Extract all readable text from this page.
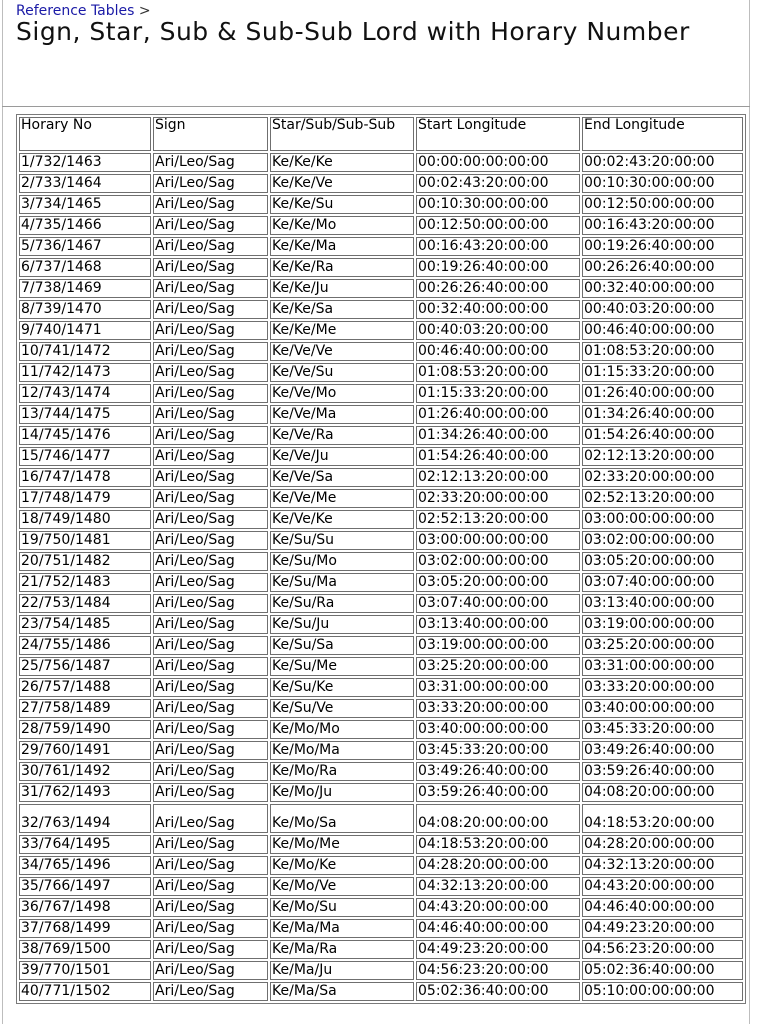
Reference Tables >
Sign, Star, Sub & Sub-Sub Lord with Horary Number
Horary No	Sign	Star/Sub/Sub-Sub	Start Longitude	End Longitude
1/732/1463	Ari/Leo/Sag	Ke/Ke/Ke	00:00:00:00:00:00	00:02:43:20:00:00
2/733/1464	Ari/Leo/Sag	Ke/Ke/Ve	00:02:43:20:00:00	00:10:30:00:00:00
3/734/1465	Ari/Leo/Sag	Ke/Ke/Su	00:10:30:00:00:00	00:12:50:00:00:00
4/735/1466	Ari/Leo/Sag	Ke/Ke/Mo	00:12:50:00:00:00	00:16:43:20:00:00
5/736/1467	Ari/Leo/Sag	Ke/Ke/Ma	00:16:43:20:00:00	00:19:26:40:00:00
6/737/1468	Ari/Leo/Sag	Ke/Ke/Ra	00:19:26:40:00:00	00:26:26:40:00:00
7/738/1469	Ari/Leo/Sag	Ke/Ke/Ju	00:26:26:40:00:00	00:32:40:00:00:00
8/739/1470	Ari/Leo/Sag	Ke/Ke/Sa	00:32:40:00:00:00	00:40:03:20:00:00
9/740/1471	Ari/Leo/Sag	Ke/Ke/Me	00:40:03:20:00:00	00:46:40:00:00:00
10/741/1472	Ari/Leo/Sag	Ke/Ve/Ve	00:46:40:00:00:00	01:08:53:20:00:00
11/742/1473	Ari/Leo/Sag	Ke/Ve/Su	01:08:53:20:00:00	01:15:33:20:00:00
12/743/1474	Ari/Leo/Sag	Ke/Ve/Mo	01:15:33:20:00:00	01:26:40:00:00:00
13/744/1475	Ari/Leo/Sag	Ke/Ve/Ma	01:26:40:00:00:00	01:34:26:40:00:00
14/745/1476	Ari/Leo/Sag	Ke/Ve/Ra	01:34:26:40:00:00	01:54:26:40:00:00
15/746/1477	Ari/Leo/Sag	Ke/Ve/Ju	01:54:26:40:00:00	02:12:13:20:00:00
16/747/1478	Ari/Leo/Sag	Ke/Ve/Sa	02:12:13:20:00:00	02:33:20:00:00:00
17/748/1479	Ari/Leo/Sag	Ke/Ve/Me	02:33:20:00:00:00	02:52:13:20:00:00
18/749/1480	Ari/Leo/Sag	Ke/Ve/Ke	02:52:13:20:00:00	03:00:00:00:00:00
19/750/1481	Ari/Leo/Sag	Ke/Su/Su	03:00:00:00:00:00	03:02:00:00:00:00
20/751/1482	Ari/Leo/Sag	Ke/Su/Mo	03:02:00:00:00:00	03:05:20:00:00:00
21/752/1483	Ari/Leo/Sag	Ke/Su/Ma	03:05:20:00:00:00	03:07:40:00:00:00
22/753/1484	Ari/Leo/Sag	Ke/Su/Ra	03:07:40:00:00:00	03:13:40:00:00:00
23/754/1485	Ari/Leo/Sag	Ke/Su/Ju	03:13:40:00:00:00	03:19:00:00:00:00
24/755/1486	Ari/Leo/Sag	Ke/Su/Sa	03:19:00:00:00:00	03:25:20:00:00:00
25/756/1487	Ari/Leo/Sag	Ke/Su/Me	03:25:20:00:00:00	03:31:00:00:00:00
26/757/1488	Ari/Leo/Sag	Ke/Su/Ke	03:31:00:00:00:00	03:33:20:00:00:00
27/758/1489	Ari/Leo/Sag	Ke/Su/Ve	03:33:20:00:00:00	03:40:00:00:00:00
28/759/1490	Ari/Leo/Sag	Ke/Mo/Mo	03:40:00:00:00:00	03:45:33:20:00:00
29/760/1491	Ari/Leo/Sag	Ke/Mo/Ma	03:45:33:20:00:00	03:49:26:40:00:00
30/761/1492	Ari/Leo/Sag	Ke/Mo/Ra	03:49:26:40:00:00	03:59:26:40:00:00
31/762/1493	Ari/Leo/Sag	Ke/Mo/Ju	03:59:26:40:00:00	04:08:20:00:00:00
32/763/1494	Ari/Leo/Sag	Ke/Mo/Sa	04:08:20:00:00:00	04:18:53:20:00:00
33/764/1495	Ari/Leo/Sag	Ke/Mo/Me	04:18:53:20:00:00	04:28:20:00:00:00
34/765/1496	Ari/Leo/Sag	Ke/Mo/Ke	04:28:20:00:00:00	04:32:13:20:00:00
35/766/1497	Ari/Leo/Sag	Ke/Mo/Ve	04:32:13:20:00:00	04:43:20:00:00:00
36/767/1498	Ari/Leo/Sag	Ke/Mo/Su	04:43:20:00:00:00	04:46:40:00:00:00
37/768/1499	Ari/Leo/Sag	Ke/Ma/Ma	04:46:40:00:00:00	04:49:23:20:00:00
38/769/1500	Ari/Leo/Sag	Ke/Ma/Ra	04:49:23:20:00:00	04:56:23:20:00:00
39/770/1501	Ari/Leo/Sag	Ke/Ma/Ju	04:56:23:20:00:00	05:02:36:40:00:00
40/771/1502	Ari/Leo/Sag	Ke/Ma/Sa	05:02:36:40:00:00	05:10:00:00:00:00
